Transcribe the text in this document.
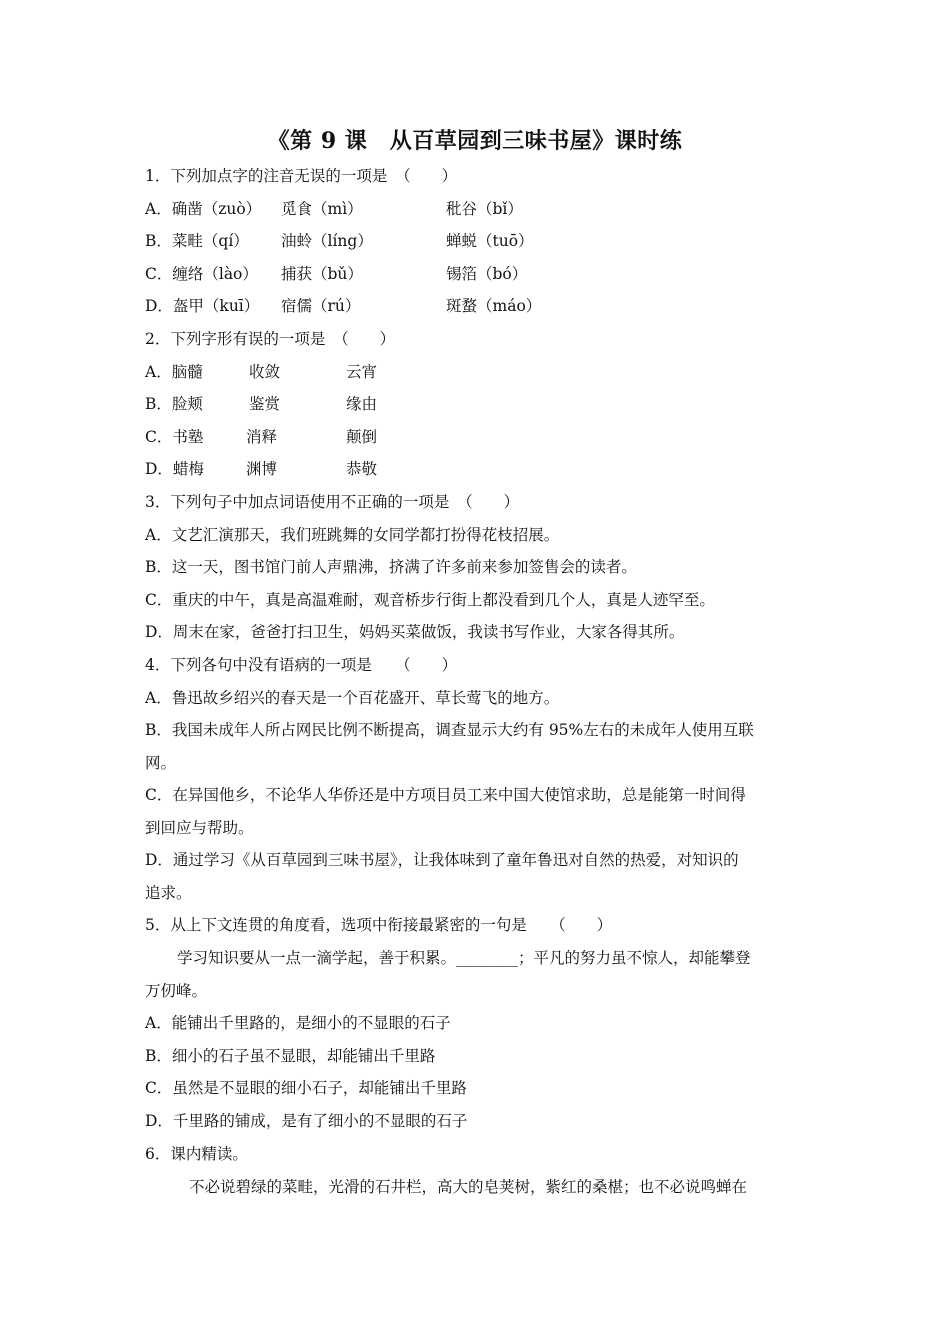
《第 9 课　从百草园到三味书屋》课时练
1．下列加点字的注音无误的一项是　（　　）
A．确凿（zuò） 觅食（mì）	秕谷（bǐ）
B．菜畦（qí） 油蛉（líng）	蝉蜕（tuō）
C．缠络（lào） 捕获（bǔ）	锡箔（bó）
D．盔甲（kuī） 宿儒（rú）	斑蝥（máo）
2．下列字形有误的一项是　（　　）
A．脑髓	收敛	云宵
B．脸颊	鉴赏	缘由
C．书塾	消释	颠倒
D．蜡梅	渊博	恭敬
3．下列句子中加点词语使用不正确的一项是　（　　）
A．文艺汇演那天，我们班跳舞的女同学都打扮得花枝招展。
B．这一天，图书馆门前人声鼎沸，挤满了许多前来参加签售会的读者。
C．重庆的中午，真是高温难耐，观音桥步行街上都没看到几个人，真是人迹罕至。
D．周末在家，爸爸打扫卫生，妈妈买菜做饭，我读书写作业，大家各得其所。
4．下列各句中没有语病的一项是　　（　　）
A．鲁迅故乡绍兴的春天是一个百花盛开、草长莺飞的地方。
B．我国未成年人所占网民比例不断提高，调查显示大约有 95%左右的未成年人使用互联
网。
C．在异国他乡，不论华人华侨还是中方项目员工来中国大使馆求助，总是能第一时间得
到回应与帮助。
D．通过学习《从百草园到三味书屋》，让我体味到了童年鲁迅对自然的热爱，对知识的
追求。
5．从上下文连贯的角度看，选项中衔接最紧密的一句是　　（　　）
学习知识要从一点一滴学起，善于积累。________；平凡的努力虽不惊人，却能攀登
万仞峰。
A．能铺出千里路的，是细小的不显眼的石子
B．细小的石子虽不显眼，却能铺出千里路
C．虽然是不显眼的细小石子，却能铺出千里路
D．千里路的铺成，是有了细小的不显眼的石子
6．课内精读。
不必说碧绿的菜畦，光滑的石井栏，高大的皂荚树，紫红的桑椹；也不必说鸣蝉在
